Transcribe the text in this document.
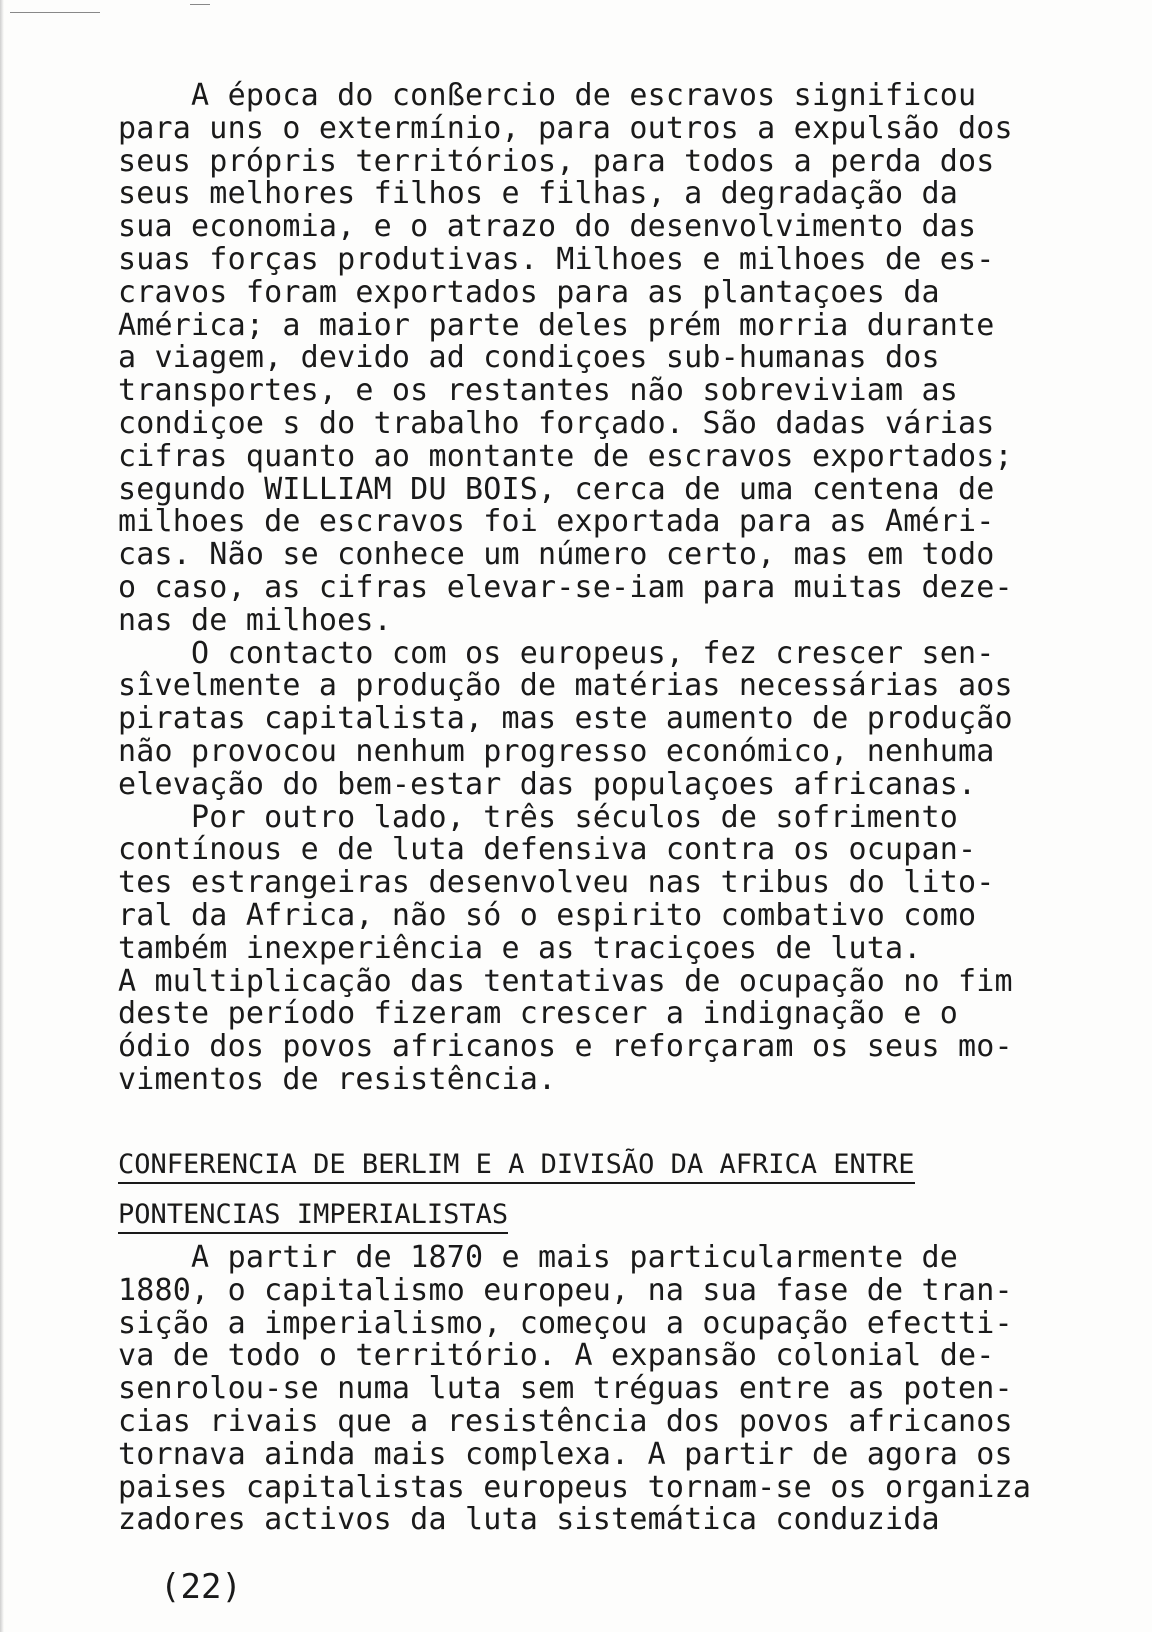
A época do conßercio de escravos significou
para uns o extermínio, para outros a expulsão dos
seus própris territórios, para todos a perda dos
seus melhores filhos e filhas, a degradação da
sua economia, e o atrazo do desenvolvimento das
suas forças produtivas. Milhoes e milhoes de es-
cravos foram exportados para as plantaçoes da
América; a maior parte deles prém morria durante
a viagem, devido ad condiçoes sub-humanas dos
transportes, e os restantes não sobreviviam as
condiçoe s do trabalho forçado. São dadas várias
cifras quanto ao montante de escravos exportados;
segundo WILLIAM DU BOIS, cerca de uma centena de
milhoes de escravos foi exportada para as Améri-
cas. Não se conhece um número certo, mas em todo
o caso, as cifras elevar-se-iam para muitas deze-
nas de milhoes.
O contacto com os europeus, fez crescer sen-
sîvelmente a produção de matérias necessárias aos
piratas capitalista, mas este aumento de produção
não provocou nenhum progresso económico, nenhuma
elevação do bem-estar das populaçoes africanas.
Por outro lado, três séculos de sofrimento
contínous e de luta defensiva contra os ocupan-
tes estrangeiras desenvolveu nas tribus do lito-
ral da Africa, não só o espirito combativo como
também inexperiência e as traciçoes de luta.
A multiplicação das tentativas de ocupação no fim
deste período fizeram crescer a indignação e o
ódio dos povos africanos e reforçaram os seus mo-
vimentos de resistência.
CONFERENCIA DE BERLIM E A DIVISÃO DA AFRICA ENTRE
PONTENCIAS IMPERIALISTAS
A partir de 1870 e mais particularmente de
1880, o capitalismo europeu, na sua fase de tran-
sição a imperialismo, começou a ocupação efectti-
va de todo o território. A expansão colonial de-
senrolou-se numa luta sem tréguas entre as poten-
cias rivais que a resistência dos povos africanos
tornava ainda mais complexa. A partir de agora os
paises capitalistas europeus tornam-se os organiza
zadores activos da luta sistemática conduzida
(22)
